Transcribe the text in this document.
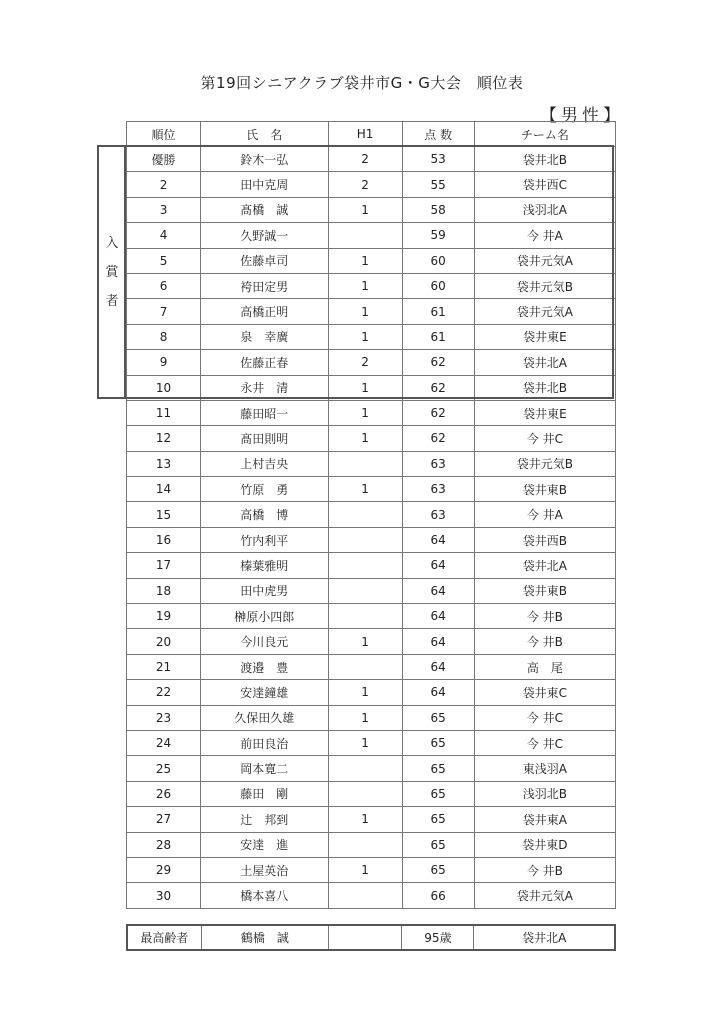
第19回シニアクラブ袋井市G・G大会　順位表
【男性】
順位	氏　名	H1	点 数	チーム名
優勝	鈴木一弘	2	53	袋井北B
2	田中克周	2	55	袋井西C
3	髙橋　誠	1	58	浅羽北A
4	久野誠一		59	今 井A
5	佐藤卓司	1	60	袋井元気A
6	袴田定男	1	60	袋井元気B
7	高橋正明	1	61	袋井元気A
8	泉　幸廣	1	61	袋井東E
9	佐藤正春	2	62	袋井北A
10	永井　清	1	62	袋井北B
11	藤田昭一	1	62	袋井東E
12	髙田則明	1	62	今 井C
13	上村吉央		63	袋井元気B
14	竹原　勇	1	63	袋井東B
15	高橋　博		63	今 井A
16	竹内利平		64	袋井西B
17	榛葉雅明		64	袋井北A
18	田中虎男		64	袋井東B
19	榊原小四郎		64	今 井B
20	今川良元	1	64	今 井B
21	渡邉　豊		64	高　尾
22	安達鐘雄	1	64	袋井東C
23	久保田久雄	1	65	今 井C
24	前田良治	1	65	今 井C
25	岡本寛二		65	東浅羽A
26	藤田　剛		65	浅羽北B
27	辻　邦到	1	65	袋井東A
28	安達　進		65	袋井東D
29	土屋英治	1	65	今 井B
30	橋本喜八		66	袋井元気A
入
賞
者
最高齢者	鶴橋　誠		95歳	袋井北A
